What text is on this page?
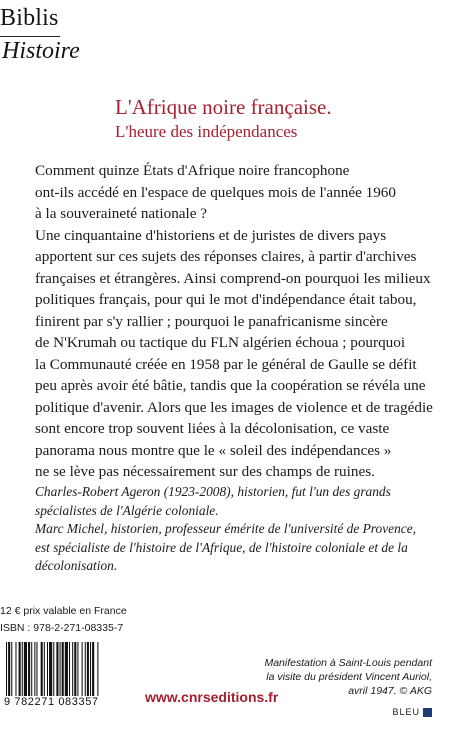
Biblis
Histoire
L'Afrique noire française.
L'heure des indépendances
Comment quinze États d'Afrique noire francophone
ont-ils accédé en l'espace de quelques mois de l'année 1960
à la souveraineté nationale ?
Une cinquantaine d'historiens et de juristes de divers pays
apportent sur ces sujets des réponses claires, à partir d'archives
françaises et étrangères. Ainsi comprend-on pourquoi les milieux
politiques français, pour qui le mot d'indépendance était tabou,
finirent par s'y rallier ; pourquoi le panafricanisme sincère
de N'Krumah ou tactique du FLN algérien échoua ; pourquoi
la Communauté créée en 1958 par le général de Gaulle se défit
peu après avoir été bâtie, tandis que la coopération se révéla une
politique d'avenir. Alors que les images de violence et de tragédie
sont encore trop souvent liées à la décolonisation, ce vaste
panorama nous montre que le « soleil des indépendances »
ne se lève pas nécessairement sur des champs de ruines.
Charles-Robert Ageron (1923-2008), historien, fut l'un des grands
spécialistes de l'Algérie coloniale.
Marc Michel, historien, professeur émérite de l'université de Provence,
est spécialiste de l'histoire de l'Afrique, de l'histoire coloniale et de la
décolonisation.
12 € prix valable en France
ISBN : 978-2-271-08335-7
9 782271 083357	www.cnrseditions.fr
Manifestation à Saint-Louis pendant
la visite du président Vincent Auriol,
avril 1947. © AKG
BLEU
